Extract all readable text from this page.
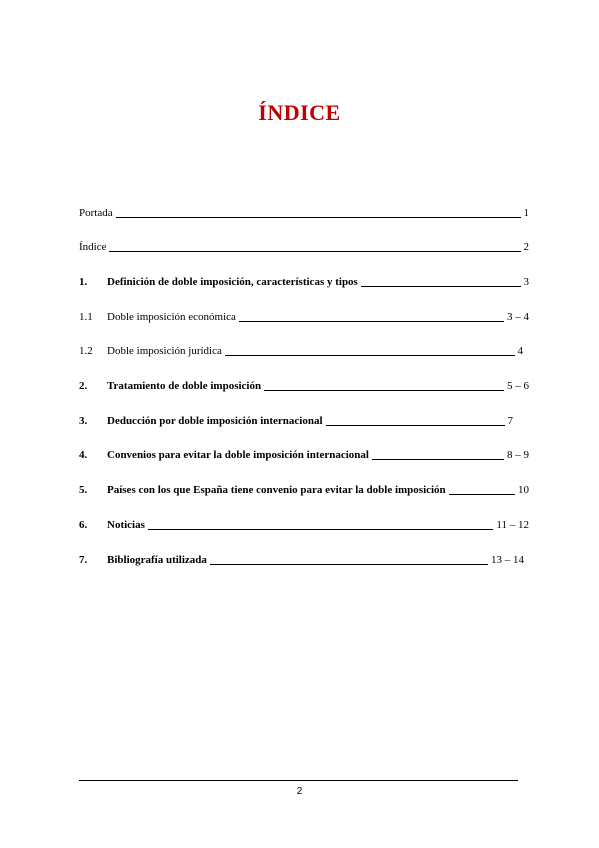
ÍNDICE
Portada	1
Índice	2
1.	Definición de doble imposición, características y tipos	3
1.1	Doble imposición económica	3 – 4
1.2	Doble imposición jurídica	4
2.	Tratamiento de doble imposición	5 – 6
3.	Deducción por doble imposición internacional	7
4.	Convenios para evitar la doble imposición internacional	8 – 9
5.	Países con los que España tiene convenio para evitar la doble imposición	10
6.	Noticias	11 – 12
7.	Bibliografía utilizada	13 – 14
2
